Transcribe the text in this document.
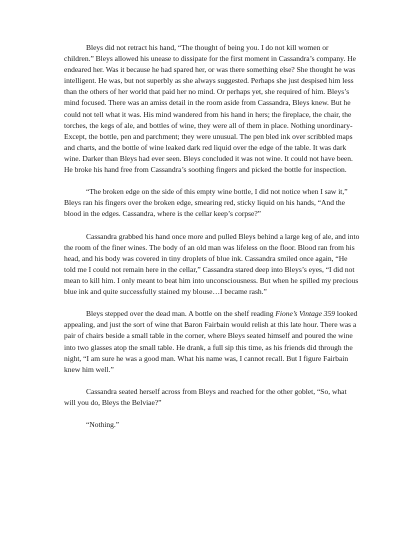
Bleys did not retract his hand, “The thought of being you. I do not kill women or children.” Bleys allowed his unease to dissipate for the first moment in Cassandra’s company. He endeared her. Was it because he had spared her, or was there something else? She thought he was intelligent. He was, but not superbly as she always suggested. Perhaps she just despised him less than the others of her world that paid her no mind. Or perhaps yet, she required of him. Bleys’s mind focused. There was an amiss detail in the room aside from Cassandra, Bleys knew. But he could not tell what it was. His mind wandered from his hand in hers; the fireplace, the chair, the torches, the kegs of ale, and bottles of wine, they were all of them in place. Nothing unordinary- Except, the bottle, pen and parchment; they were unusual. The pen bled ink over scribbled maps and charts, and the bottle of wine leaked dark red liquid over the edge of the table. It was dark wine. Darker than Bleys had ever seen. Bleys concluded it was not wine. It could not have been. He broke his hand free from Cassandra’s soothing fingers and picked the bottle for inspection.

“The broken edge on the side of this empty wine bottle, I did not notice when I saw it,” Bleys ran his fingers over the broken edge, smearing red, sticky liquid on his hands, “And the blood in the edges. Cassandra, where is the cellar keep’s corpse?”

Cassandra grabbed his hand once more and pulled Bleys behind a large keg of ale, and into the room of the finer wines. The body of an old man was lifeless on the floor. Blood ran from his head, and his body was covered in tiny droplets of blue ink. Cassandra smiled once again, “He told me I could not remain here in the cellar,” Cassandra stared deep into Bleys’s eyes, “I did not mean to kill him. I only meant to beat him into unconsciousness. But when he spilled my precious blue ink and quite successfully stained my blouse…I became rash.”

Bleys stepped over the dead man. A bottle on the shelf reading Fione’s Vintage 359 looked appealing, and just the sort of wine that Baron Fairbain would relish at this late hour. There was a pair of chairs beside a small table in the corner, where Bleys seated himself and poured the wine into two glasses atop the small table. He drank, a full sip this time, as his friends did through the night, “I am sure he was a good man. What his name was, I cannot recall. But I figure Fairbain knew him well.”

Cassandra seated herself across from Bleys and reached for the other goblet, “So, what will you do, Bleys the Belviae?”

“Nothing.”
